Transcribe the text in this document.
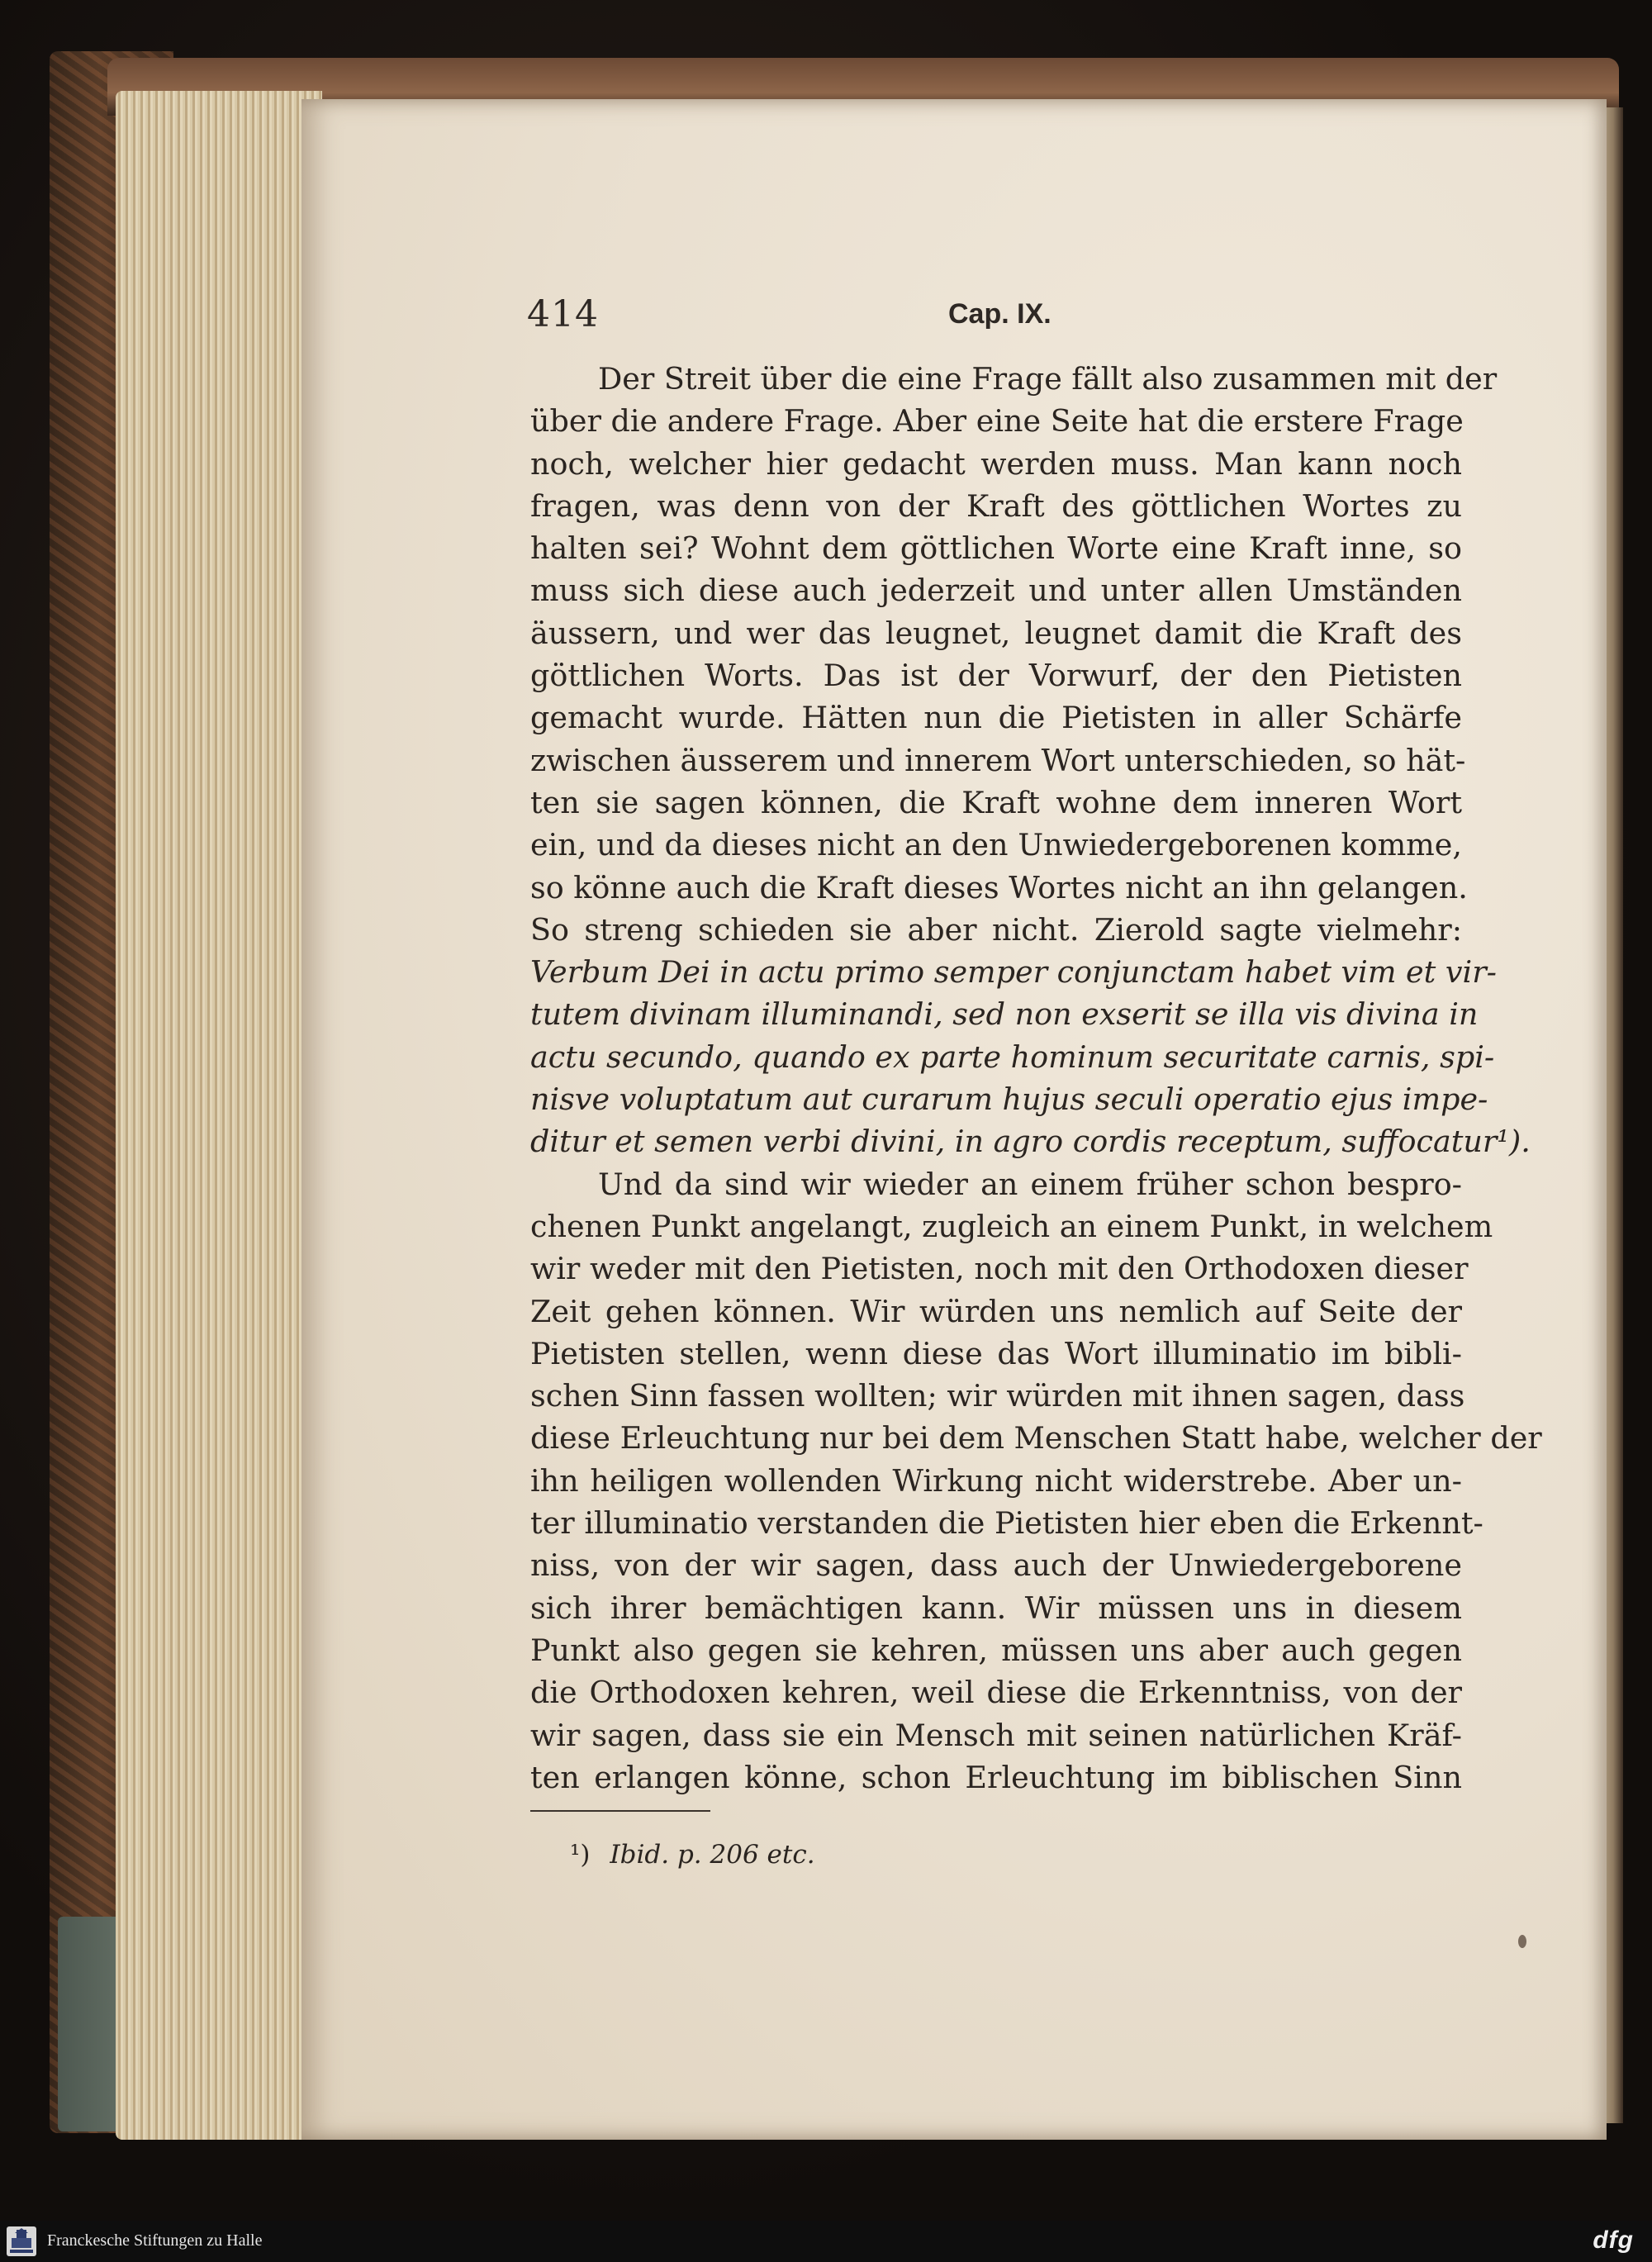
414	Cap. IX.
Der Streit über die eine Frage fällt also zusammen mit der
über die andere Frage. Aber eine Seite hat die erstere Frage
noch, welcher hier gedacht werden muss. Man kann noch
fragen, was denn von der Kraft des göttlichen Wortes zu
halten sei? Wohnt dem göttlichen Worte eine Kraft inne, so
muss sich diese auch jederzeit und unter allen Umständen
äussern, und wer das leugnet, leugnet damit die Kraft des
göttlichen Worts. Das ist der Vorwurf, der den Pietisten
gemacht wurde. Hätten nun die Pietisten in aller Schärfe
zwischen äusserem und innerem Wort unterschieden, so hät-
ten sie sagen können, die Kraft wohne dem inneren Wort
ein, und da dieses nicht an den Unwiedergeborenen komme,
so könne auch die Kraft dieses Wortes nicht an ihn gelangen.
So streng schieden sie aber nicht. Zierold sagte vielmehr:
Verbum Dei in actu primo semper conjunctam habet vim et vir-
tutem divinam illuminandi, sed non exserit se illa vis divina in
actu secundo, quando ex parte hominum securitate carnis, spi-
nisve voluptatum aut curarum hujus seculi operatio ejus impe-
ditur et semen verbi divini, in agro cordis receptum, suffocatur¹).
Und da sind wir wieder an einem früher schon bespro-
chenen Punkt angelangt, zugleich an einem Punkt, in welchem
wir weder mit den Pietisten, noch mit den Orthodoxen dieser
Zeit gehen können. Wir würden uns nemlich auf Seite der
Pietisten stellen, wenn diese das Wort illuminatio im bibli-
schen Sinn fassen wollten; wir würden mit ihnen sagen, dass
diese Erleuchtung nur bei dem Menschen Statt habe, welcher der
ihn heiligen wollenden Wirkung nicht widerstrebe. Aber un-
ter illuminatio verstanden die Pietisten hier eben die Erkennt-
niss, von der wir sagen, dass auch der Unwiedergeborene
sich ihrer bemächtigen kann. Wir müssen uns in diesem
Punkt also gegen sie kehren, müssen uns aber auch gegen
die Orthodoxen kehren, weil diese die Erkenntniss, von der
wir sagen, dass sie ein Mensch mit seinen natürlichen Kräf-
ten erlangen könne, schon Erleuchtung im biblischen Sinn
¹) Ibid. p. 206 etc.
Franckesche Stiftungen zu Halle	dfg
